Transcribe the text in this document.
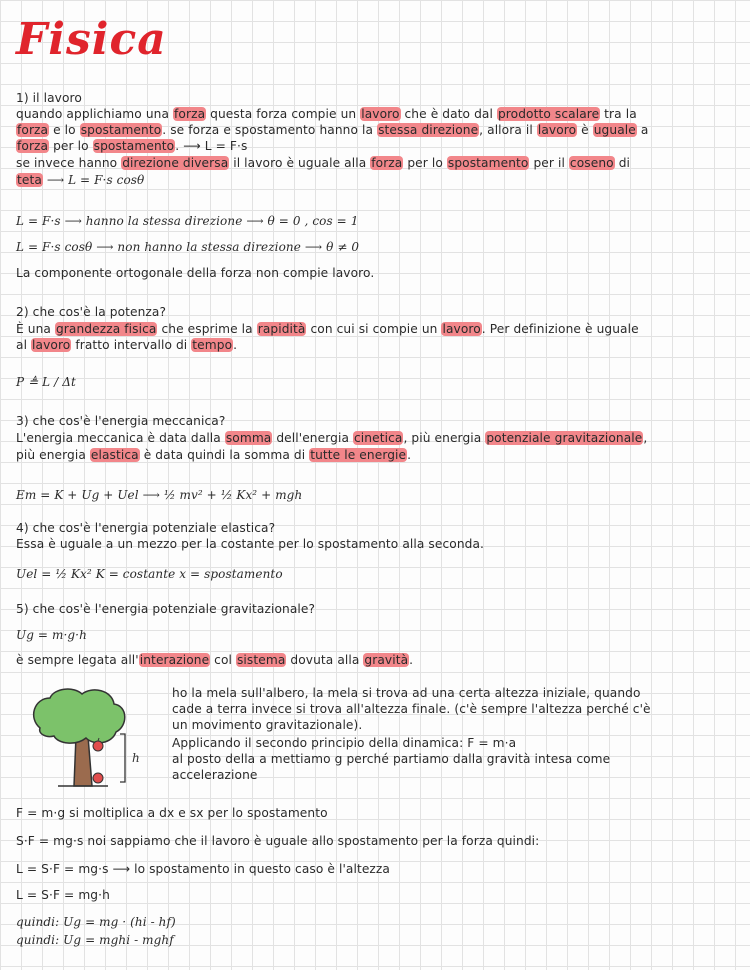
Fisica
1) il lavoro
quando applichiamo una forza questa forza compie un lavoro che è dato dal prodotto scalare tra la
forza e lo spostamento. se forza e spostamento hanno la stessa direzione, allora il lavoro è uguale a
forza per lo spostamento. ⟶ L = F·s
se invece hanno direzione diversa il lavoro è uguale alla forza per lo spostamento per il coseno di
teta ⟶ L = F·s cosθ
L = F·s ⟶ hanno la stessa direzione ⟶ θ = 0 , cos = 1
L = F·s cosθ ⟶ non hanno la stessa direzione ⟶ θ ≠ 0
La componente ortogonale della forza non compie lavoro.
2) che cos'è la potenza?
È una grandezza fisica che esprime la rapidità con cui si compie un lavoro. Per definizione è uguale
al lavoro fratto intervallo di tempo.
P ≜ L / Δt
3) che cos'è l'energia meccanica?
L'energia meccanica è data dalla somma dell'energia cinetica, più energia potenziale gravitazionale,
più energia elastica è data quindi la somma di tutte le energie.
Em = K + Ug + Uel ⟶ ½ mv² + ½ Kx² + mgh
4) che cos'è l'energia potenziale elastica?
Essa è uguale a un mezzo per la costante per lo spostamento alla seconda.
Uel = ½ Kx² K = costante x = spostamento
5) che cos'è l'energia potenziale gravitazionale?
Ug = m·g·h
è sempre legata all'interazione col sistema dovuta alla gravità.
h
ho la mela sull'albero, la mela si trova ad una certa altezza iniziale, quando
cade a terra invece si trova all'altezza finale. (c'è sempre l'altezza perché c'è
un movimento gravitazionale).
Applicando il secondo principio della dinamica: F = m·a
al posto della a mettiamo g perché partiamo dalla gravità intesa come
accelerazione
F = m·g si moltiplica a dx e sx per lo spostamento
S·F = mg·s noi sappiamo che il lavoro è uguale allo spostamento per la forza quindi:
L = S·F = mg·s ⟶ lo spostamento in questo caso è l'altezza
L = S·F = mg·h
quindi: Ug = mg · (hi - hf)
quindi: Ug = mghi - mghf
